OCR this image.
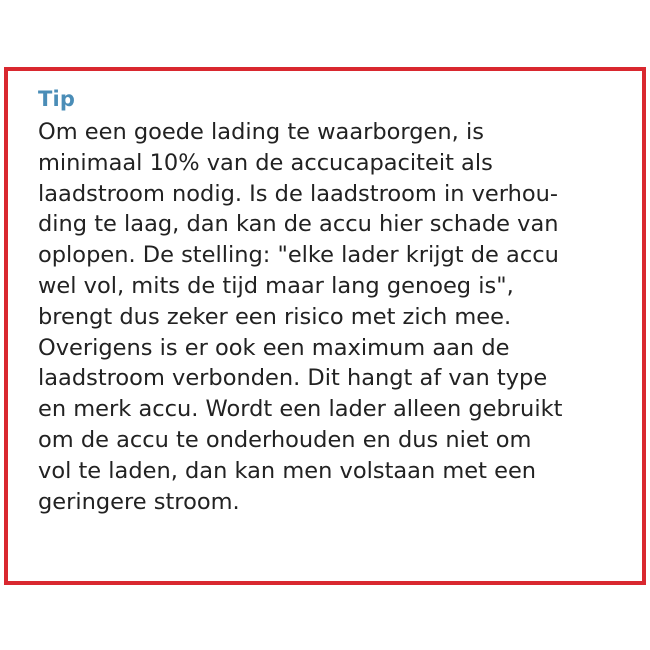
Tip
Om een goede lading te waarborgen, is
minimaal 10% van de accucapaciteit als
laadstroom nodig. Is de laadstroom in verhou-
ding te laag, dan kan de accu hier schade van
oplopen. De stelling: "elke lader krijgt de accu
wel vol, mits de tijd maar lang genoeg is",
brengt dus zeker een risico met zich mee.
Overigens is er ook een maximum aan de
laadstroom verbonden. Dit hangt af van type
en merk accu. Wordt een lader alleen gebruikt
om de accu te onderhouden en dus niet om
vol te laden, dan kan men volstaan met een
geringere stroom.
